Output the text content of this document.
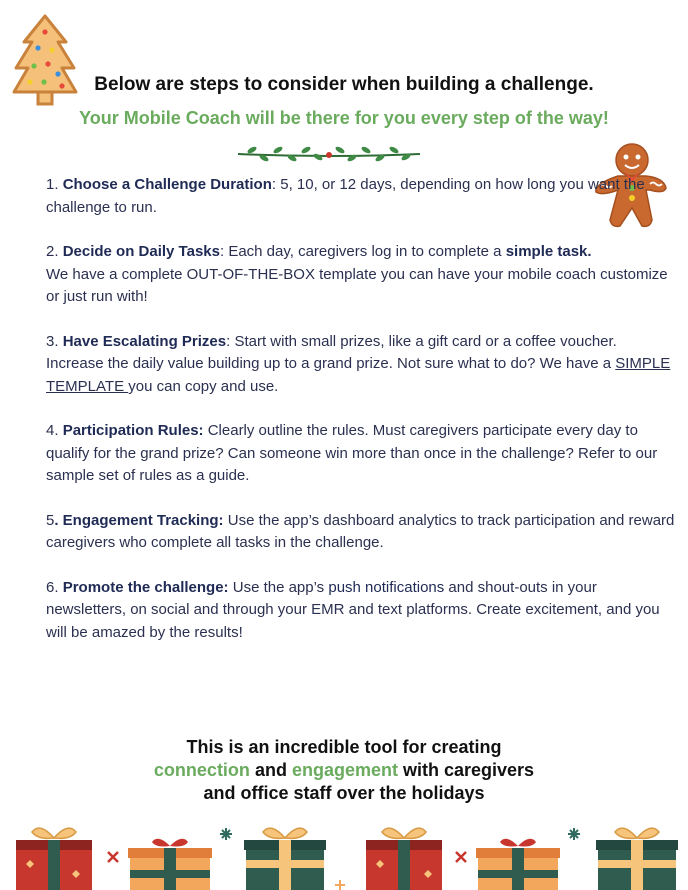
Below are steps to consider when building a challenge.
Your Mobile Coach will be there for you every step of the way!
1. Choose a Challenge Duration: 5, 10, or 12 days, depending on how long you want the challenge to run.
2. Decide on Daily Tasks: Each day, caregivers log in to complete a simple task.
We have a complete OUT-OF-THE-BOX template you can have your mobile coach customize or just run with!
3. Have Escalating Prizes: Start with small prizes, like a gift card or a coffee voucher. Increase the daily value building up to a grand prize. Not sure what to do? We have a SIMPLE TEMPLATE you can copy and use.
4. Participation Rules: Clearly outline the rules. Must caregivers participate every day to qualify for the grand prize? Can someone win more than once in the challenge? Refer to our sample set of rules as a guide.
5. Engagement Tracking: Use the app’s dashboard analytics to track participation and reward caregivers who complete all tasks in the challenge.
6. Promote the challenge: Use the app’s push notifications and shout-outs in your newsletters, on social and through your EMR and text platforms. Create excitement, and you will be amazed by the results!
This is an incredible tool for creating
connection and engagement with caregivers
and office staff over the holidays
